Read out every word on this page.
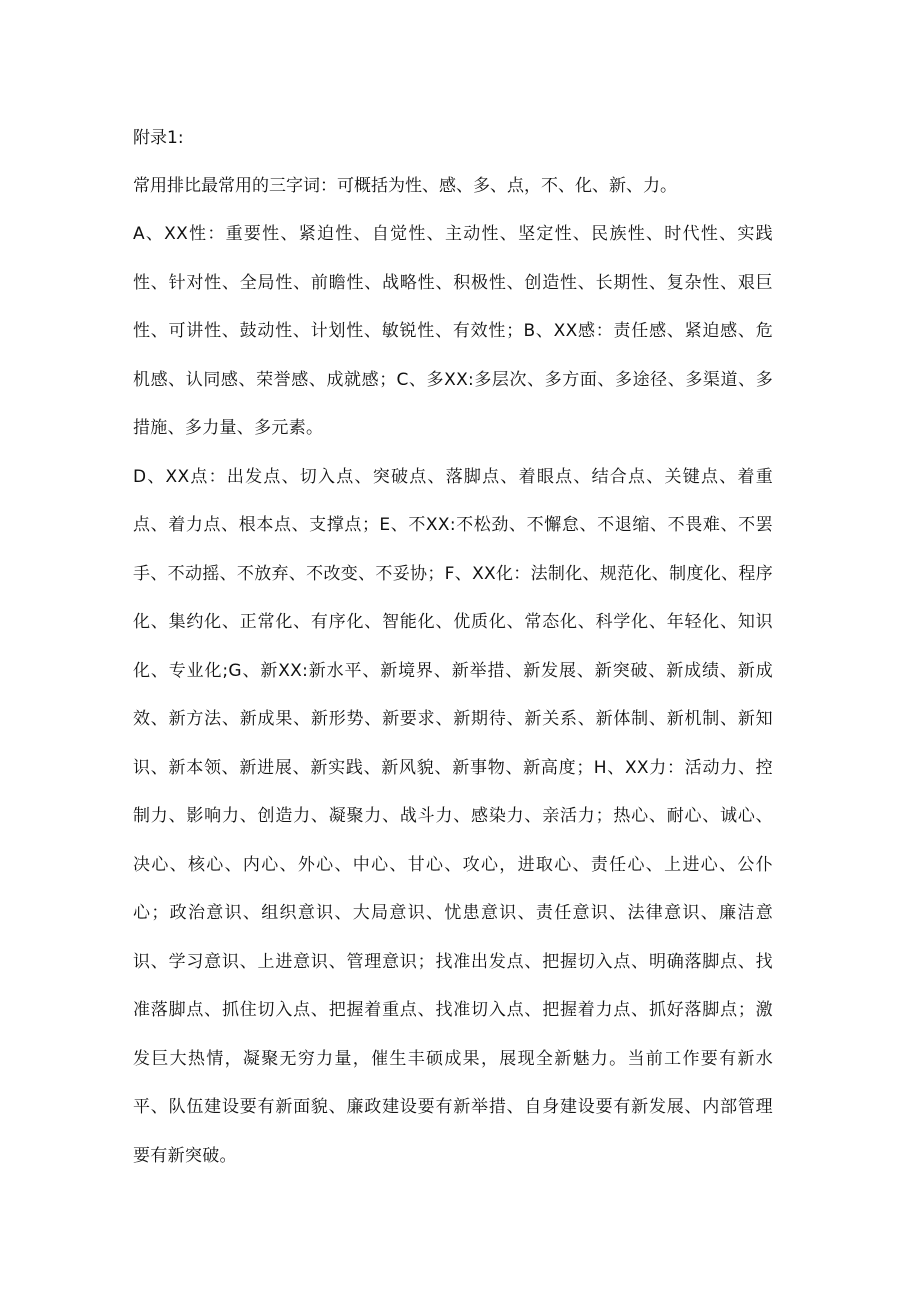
附录1:

常用排比最常用的三字词：可概括为性、感、多、点，不、化、新、力。

A、XX性：重要性、紧迫性、自觉性、主动性、坚定性、民族性、时代性、实践性、针对性、全局性、前瞻性、战略性、积极性、创造性、长期性、复杂性、艰巨性、可讲性、鼓动性、计划性、敏锐性、有效性；B、XX感：责任感、紧迫感、危机感、认同感、荣誉感、成就感；C、多XX:多层次、多方面、多途径、多渠道、多措施、多力量、多元素。

D、XX点：出发点、切入点、突破点、落脚点、着眼点、结合点、关键点、着重点、着力点、根本点、支撑点；E、不XX:不松劲、不懈怠、不退缩、不畏难、不罢手、不动摇、不放弃、不改变、不妥协；F、XX化：法制化、规范化、制度化、程序化、集约化、正常化、有序化、智能化、优质化、常态化、科学化、年轻化、知识化、专业化;G、新XX:新水平、新境界、新举措、新发展、新突破、新成绩、新成效、新方法、新成果、新形势、新要求、新期待、新关系、新体制、新机制、新知识、新本领、新进展、新实践、新风貌、新事物、新高度；H、XX力：活动力、控制力、影响力、创造力、凝聚力、战斗力、感染力、亲活力；热心、耐心、诚心、决心、核心、内心、外心、中心、甘心、攻心，进取心、责任心、上进心、公仆心；政治意识、组织意识、大局意识、忧患意识、责任意识、法律意识、廉洁意识、学习意识、上进意识、管理意识；找准出发点、把握切入点、明确落脚点、找准落脚点、抓住切入点、把握着重点、找准切入点、把握着力点、抓好落脚点；激发巨大热情，凝聚无穷力量，催生丰硕成果，展现全新魅力。当前工作要有新水平、队伍建设要有新面貌、廉政建设要有新举措、自身建设要有新发展、内部管理要有新突破。
